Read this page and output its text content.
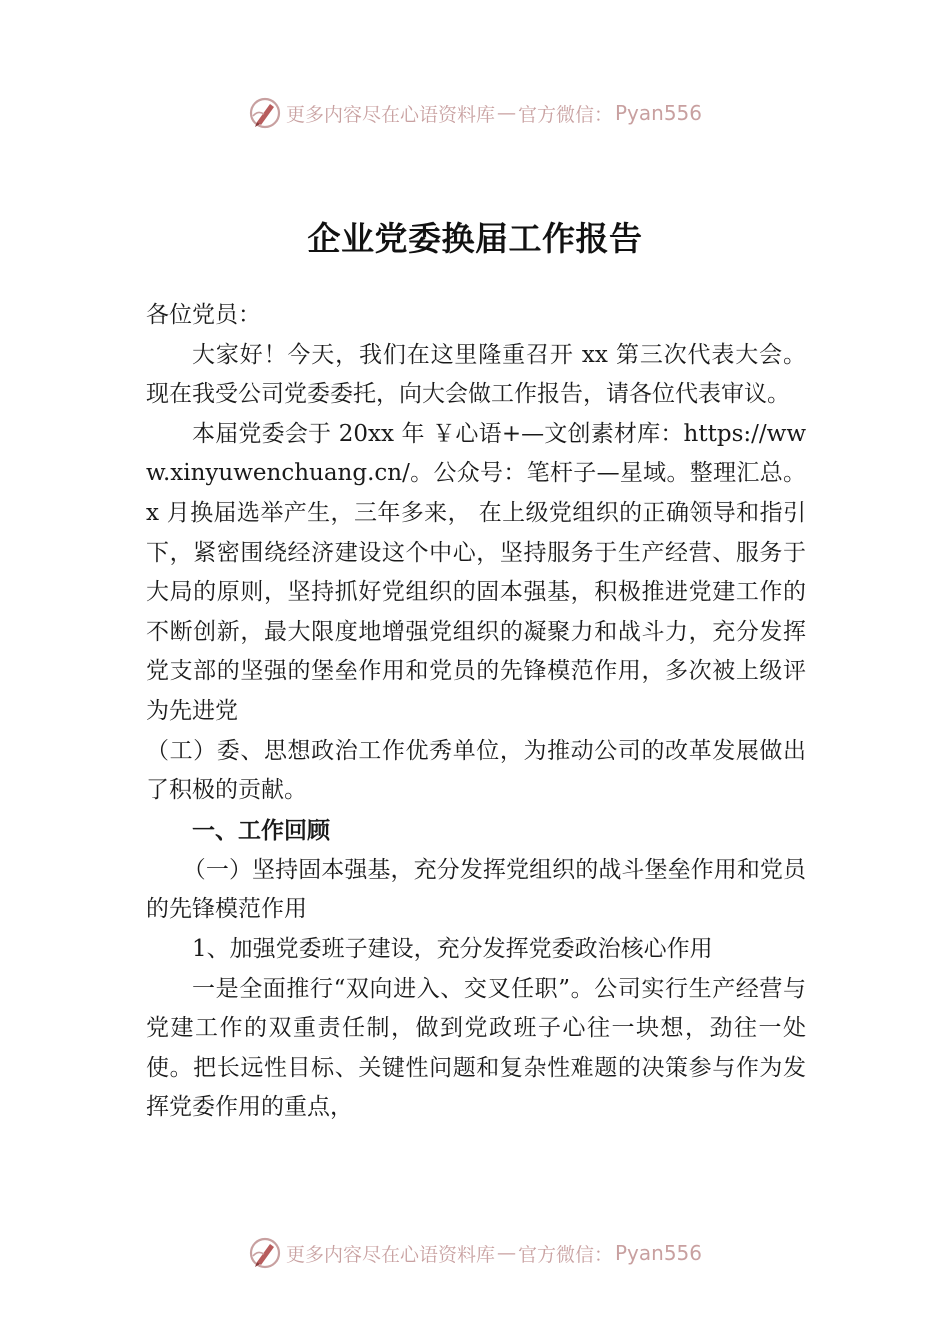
更多内容尽在心语资料库 — 官方微信： Pyan556
企业党委换届工作报告

各位党员：

大家好！今天，我们在这里隆重召开 xx 第三次代表大会。现在我受公司党委委托，向大会做工作报告，请各位代表审议。

本届党委会于 20xx 年 ￥心语+—文创素材库：https://www.xinyuwenchuang.cn/。公众号：笔杆子—星域。整理汇总。x 月换届选举产生，三年多来， 在上级党组织的正确领导和指引下，紧密围绕经济建设这个中心，坚持服务于生产经营、服务于大局的原则，坚持抓好党组织的固本强基，积极推进党建工作的不断创新，最大限度地增强党组织的凝聚力和战斗力，充分发挥党支部的坚强的堡垒作用和党员的先锋模范作用，多次被上级评为先进党

（工）委、思想政治工作优秀单位，为推动公司的改革发展做出了积极的贡献。

一、工作回顾

（一）坚持固本强基，充分发挥党组织的战斗堡垒作用和党员的先锋模范作用

1、加强党委班子建设，充分发挥党委政治核心作用

一是全面推行“双向进入、交叉任职”。公司实行生产经营与党建工作的双重责任制，做到党政班子心往一块想，劲往一处使。把长远性目标、关键性问题和复杂性难题的决策参与作为发挥党委作用的重点，

更多内容尽在心语资料库 — 官方微信： Pyan556
